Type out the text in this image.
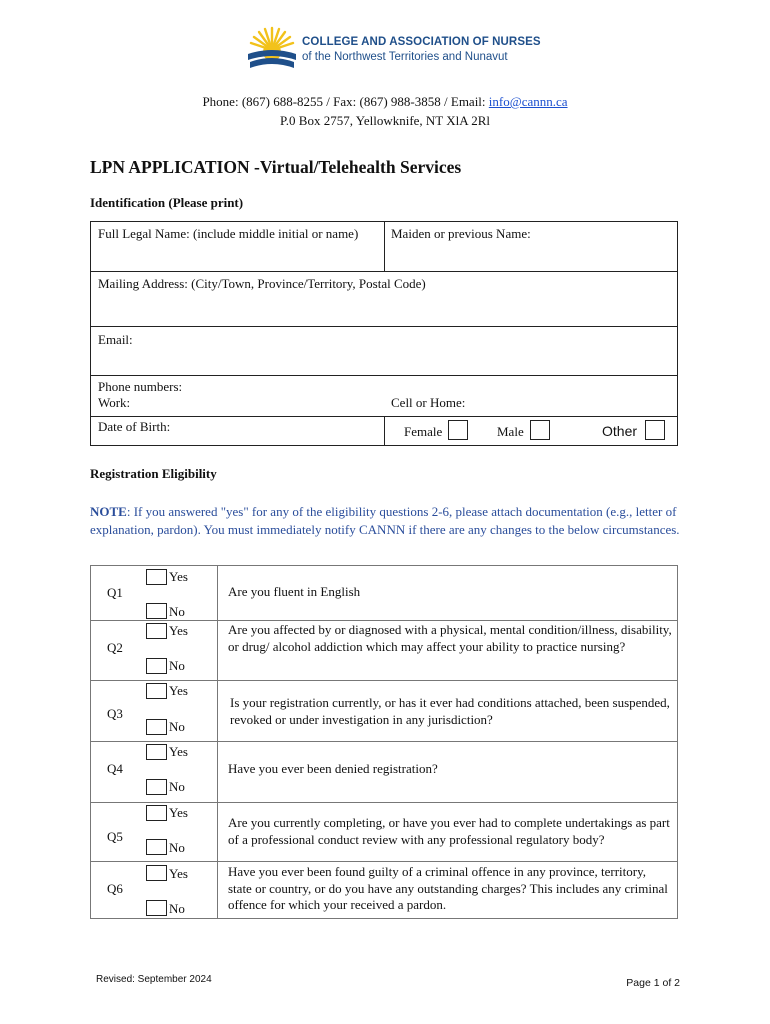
COLLEGE AND ASSOCIATION OF NURSES
of the Northwest Territories and Nunavut
Phone: (867) 688-8255 / Fax: (867) 988-3858 / Email: info@cannn.ca
P.0 Box 2757, Yellowknife, NT XlA 2Rl
LPN APPLICATION -Virtual/Telehealth Services
Identification (Please print)
Full Legal Name: (include middle initial or name)	Maiden or previous Name:
Mailing Address: (City/Town, Province/Territory, Postal Code)
Email:
Phone numbers:
Work:	Cell or Home:
Date of Birth:	Female	Male	Other
Registration Eligibility
NOTE: If you answered "yes" for any of the eligibility questions 2-6, please attach documentation (e.g., letter of explanation, pardon). You must immediately notify CANNN if there are any changes to the below circumstances.
Q1
Yes
No
Are you fluent in English
Q2
Yes
No
Are you affected by or diagnosed with a physical, mental condition/illness, disability, or drug/ alcohol addiction which may affect your ability to practice nursing?
Q3
Yes
No
Is your registration currently, or has it ever had conditions attached, been suspended, revoked or under investigation in any jurisdiction?
Q4
Yes
No
Have you ever been denied registration?
Q5
Yes
No
Are you currently completing, or have you ever had to complete undertakings as part of a professional conduct review with any professional regulatory body?
Q6
Yes
No
Have you ever been found guilty of a criminal offence in any province, territory, state or country, or do you have any outstanding charges? This includes any criminal offence for which your received a pardon.
Revised: September 2024	Page 1 of 2
